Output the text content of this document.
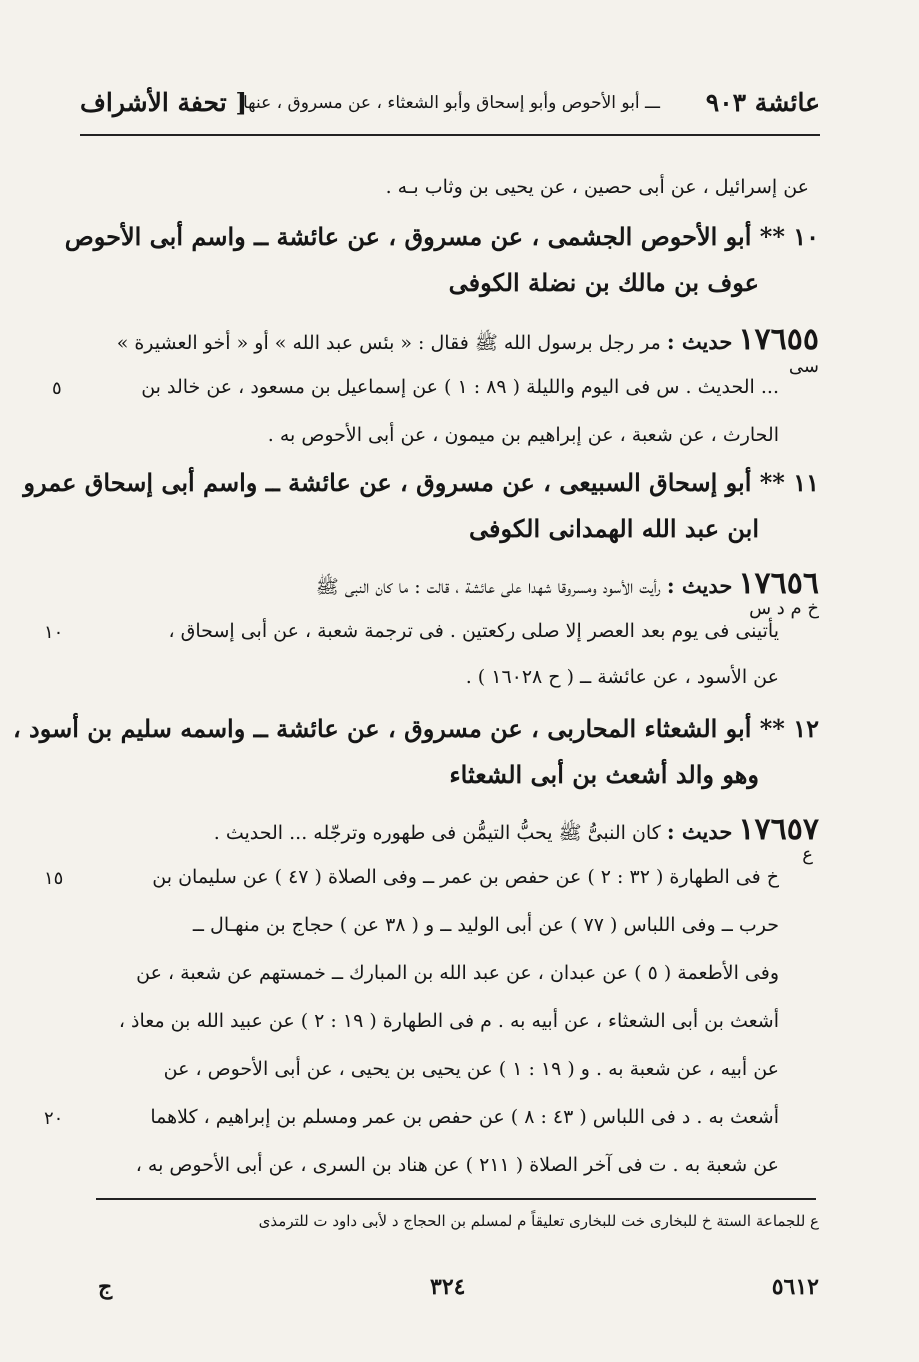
عائشة ٩٠٣
ـــ أبو الأحوص وأبو إسحاق وأبو الشعثاء ، عن مسروق ، عنها
[ تحفة الأشراف
عن إسرائيل ، عن أبى حصين ، عن يحيى بن وثاب بـه .
١٠ ** أبو الأحوص الجشمى ، عن مسروق ، عن عائشة ــ واسم أبى الأحوص
عوف بن مالك بن نضلة الكوفى
١٧٦٥٥ حديث : مر رجل برسول الله ﷺ فقال : « بئس عبد الله » أو « أخو العشيرة »
سى
... الحديث . س فى اليوم والليلة ( ٨٩ : ١ ) عن إسماعيل بن مسعود ، عن خالد بن
٥
الحارث ، عن شعبة ، عن إبراهيم بن ميمون ، عن أبى الأحوص به .
١١ ** أبو إسحاق السبيعى ، عن مسروق ، عن عائشة ــ واسم أبى إسحاق عمرو
ابن عبد الله الهمدانى الكوفى
١٧٦٥٦ حديث : رأيت الأسود ومسروقا شهدا على عائشة ، قالت : ما كان النبى ﷺ
خ م د س
يأتينى فى يوم بعد العصر إلا صلى ركعتين . فى ترجمة شعبة ، عن أبى إسحاق ،
١٠
عن الأسود ، عن عائشة ــ ( ح ١٦٠٢٨ ) .
١٢ ** أبو الشعثاء المحاربى ، عن مسروق ، عن عائشة ــ واسمه سليم بن أسود ،
وهو والد أشعث بن أبى الشعثاء
١٧٦٥٧ حديث : كان النبىُّ ﷺ يحبُّ التيمُّن فى طهوره وترجّله ... الحديث .
ع
خ فى الطهارة ( ٣٢ : ٢ ) عن حفص بن عمر ــ وفى الصلاة ( ٤٧ ) عن سليمان بن
١٥
حرب ــ وفى اللباس ( ٧٧ ) عن أبى الوليد ــ و ( ٣٨ عن ) حجاج بن منهـال ــ
وفى الأطعمة ( ٥ ) عن عبدان ، عن عبد الله بن المبارك ــ خمستهم عن شعبة ، عن
أشعث بن أبى الشعثاء ، عن أبيه به . م فى الطهارة ( ١٩ : ٢ ) عن عبيد الله بن معاذ ،
عن أبيه ، عن شعبة به . و ( ١٩ : ١ ) عن يحيى بن يحيى ، عن أبى الأحوص ، عن
أشعث به . د فى اللباس ( ٤٣ : ٨ ) عن حفص بن عمر ومسلم بن إبراهيم ، كلاهما
٢٠
عن شعبة به . ت فى آخر الصلاة ( ٢١١ ) عن هناد بن السرى ، عن أبى الأحوص به ،
ع للجماعة الستة خ للبخارى خت للبخارى تعليقاً م لمسلم بن الحجاج د لأبى داود ت للترمذى
٥٦١٢
٣٢٤
ج
